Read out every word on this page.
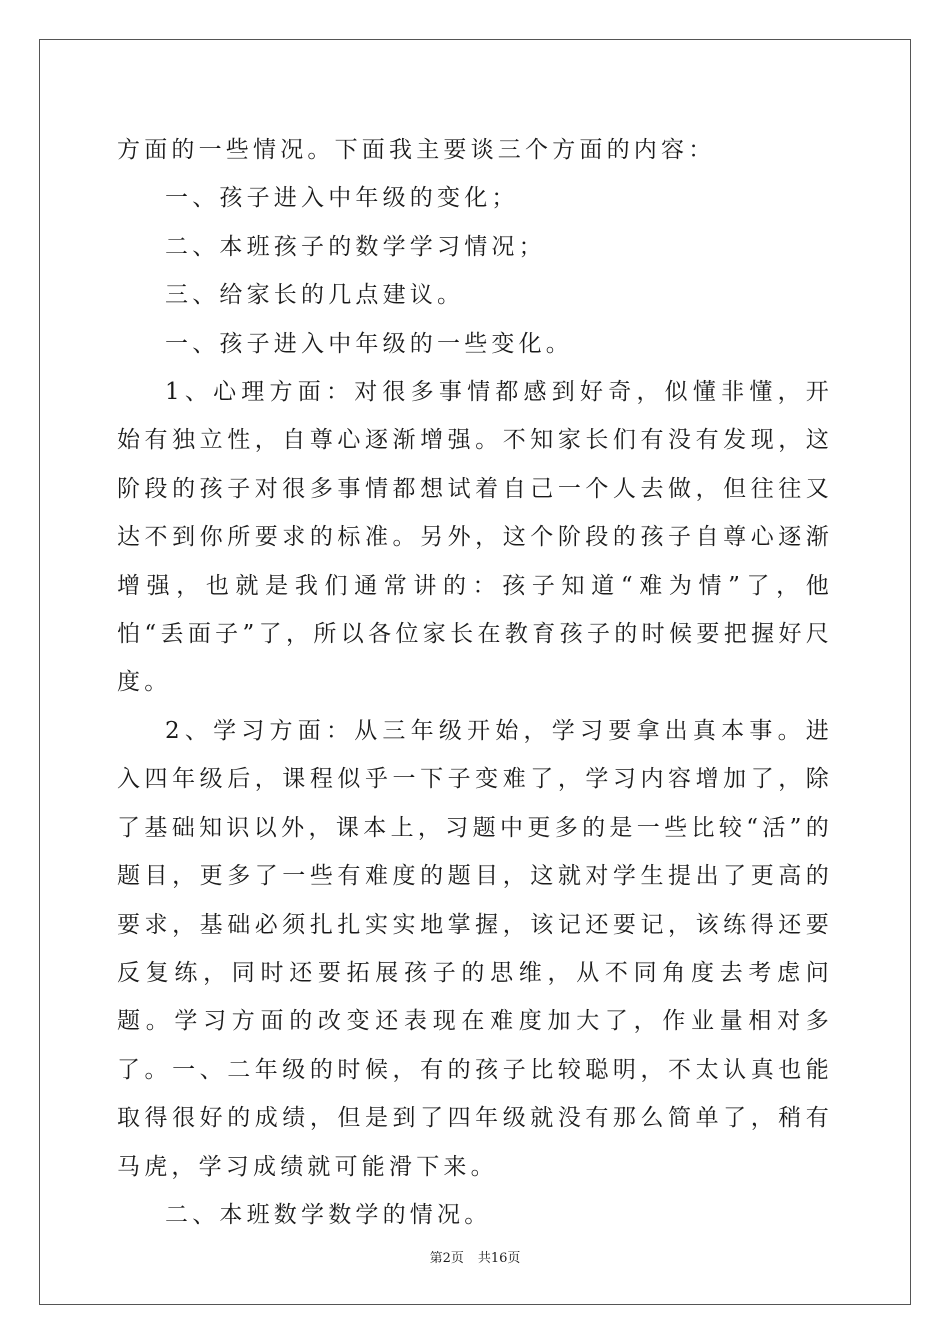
方面的一些情况。下面我主要谈三个方面的内容：

一、孩子进入中年级的变化；

二、本班孩子的数学学习情况；

三、给家长的几点建议。

一、孩子进入中年级的一些变化。

1、心理方面：对很多事情都感到好奇，似懂非懂，开始有独立性，自尊心逐渐增强。不知家长们有没有发现，这阶段的孩子对很多事情都想试着自己一个人去做，但往往又达不到你所要求的标准。另外，这个阶段的孩子自尊心逐渐增强，也就是我们通常讲的：孩子知道“难为情”了，他怕“丢面子”了，所以各位家长在教育孩子的时候要把握好尺度。

2、学习方面：从三年级开始，学习要拿出真本事。进入四年级后，课程似乎一下子变难了，学习内容增加了，除了基础知识以外，课本上，习题中更多的是一些比较“活”的题目，更多了一些有难度的题目，这就对学生提出了更高的要求，基础必须扎扎实实地掌握，该记还要记，该练得还要反复练，同时还要拓展孩子的思维，从不同角度去考虑问题。学习方面的改变还表现在难度加大了，作业量相对多了。一、二年级的时候，有的孩子比较聪明，不太认真也能取得很好的成绩，但是到了四年级就没有那么简单了，稍有马虎，学习成绩就可能滑下来。

二、本班数学数学的情况。

第2页 共16页
